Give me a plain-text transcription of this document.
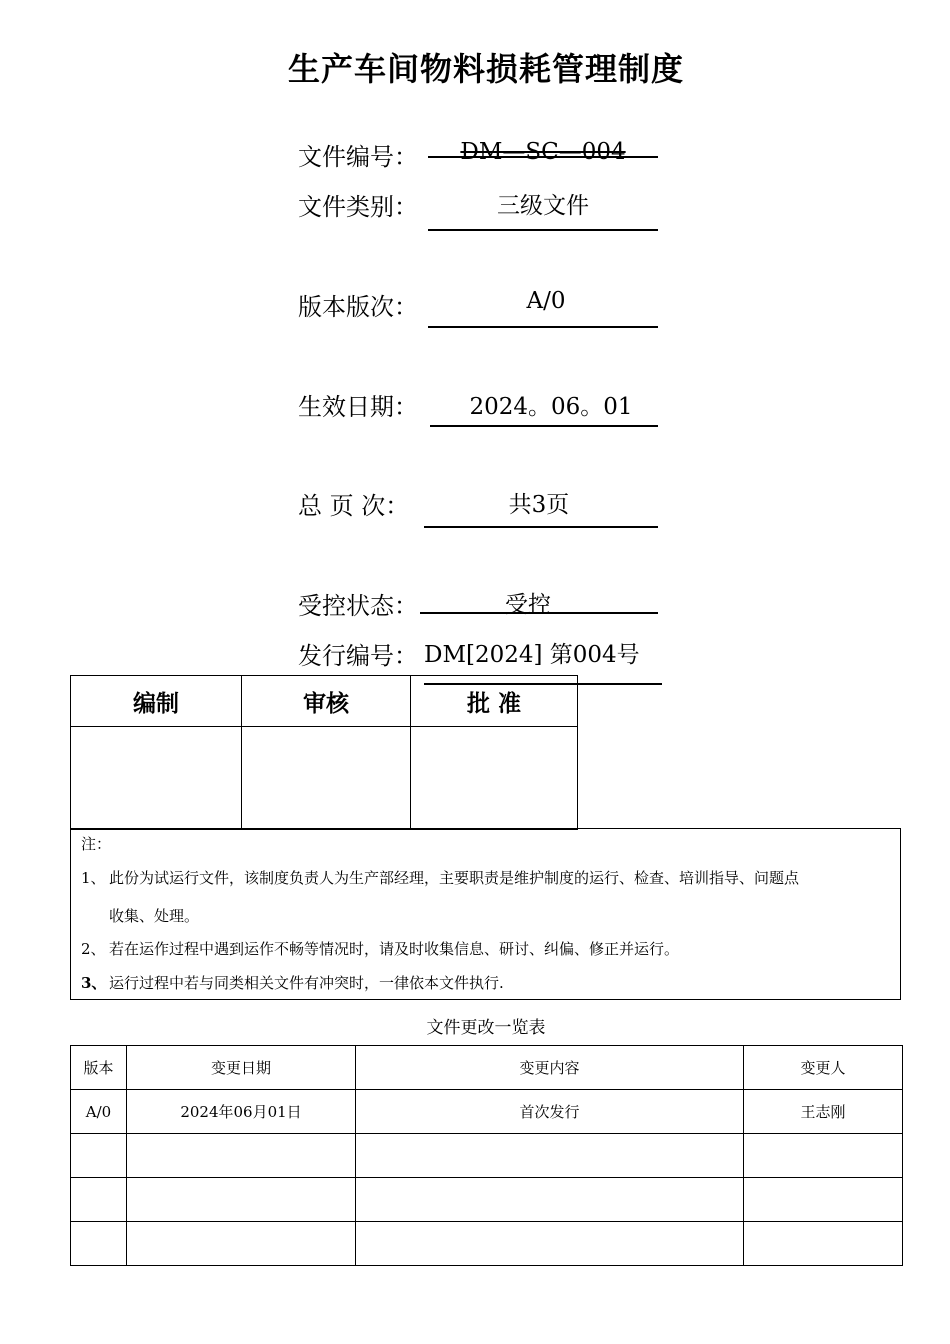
生产车间物料损耗管理制度
文件编号：	DM—SC—004
文件类别：	三级文件
版本版次：	A/0
生效日期：	2024。06。01
总 页 次：	共3页
受控状态：	受控
发行编号： DM[2024] 第004号
编制	审核	批 准

注：
1、 此份为试运行文件，该制度负责人为生产部经理，主要职责是维护制度的运行、检查、培训指导、问题点
收集、处理。
2、 若在运作过程中遇到运作不畅等情况时，请及时收集信息、研讨、纠偏、修正并运行。
3、 运行过程中若与同类相关文件有冲突时，一律依本文件执行.
文件更改一览表
版本	变更日期	变更内容	变更人
A/0	2024年06月01日	首次发行	王志刚
